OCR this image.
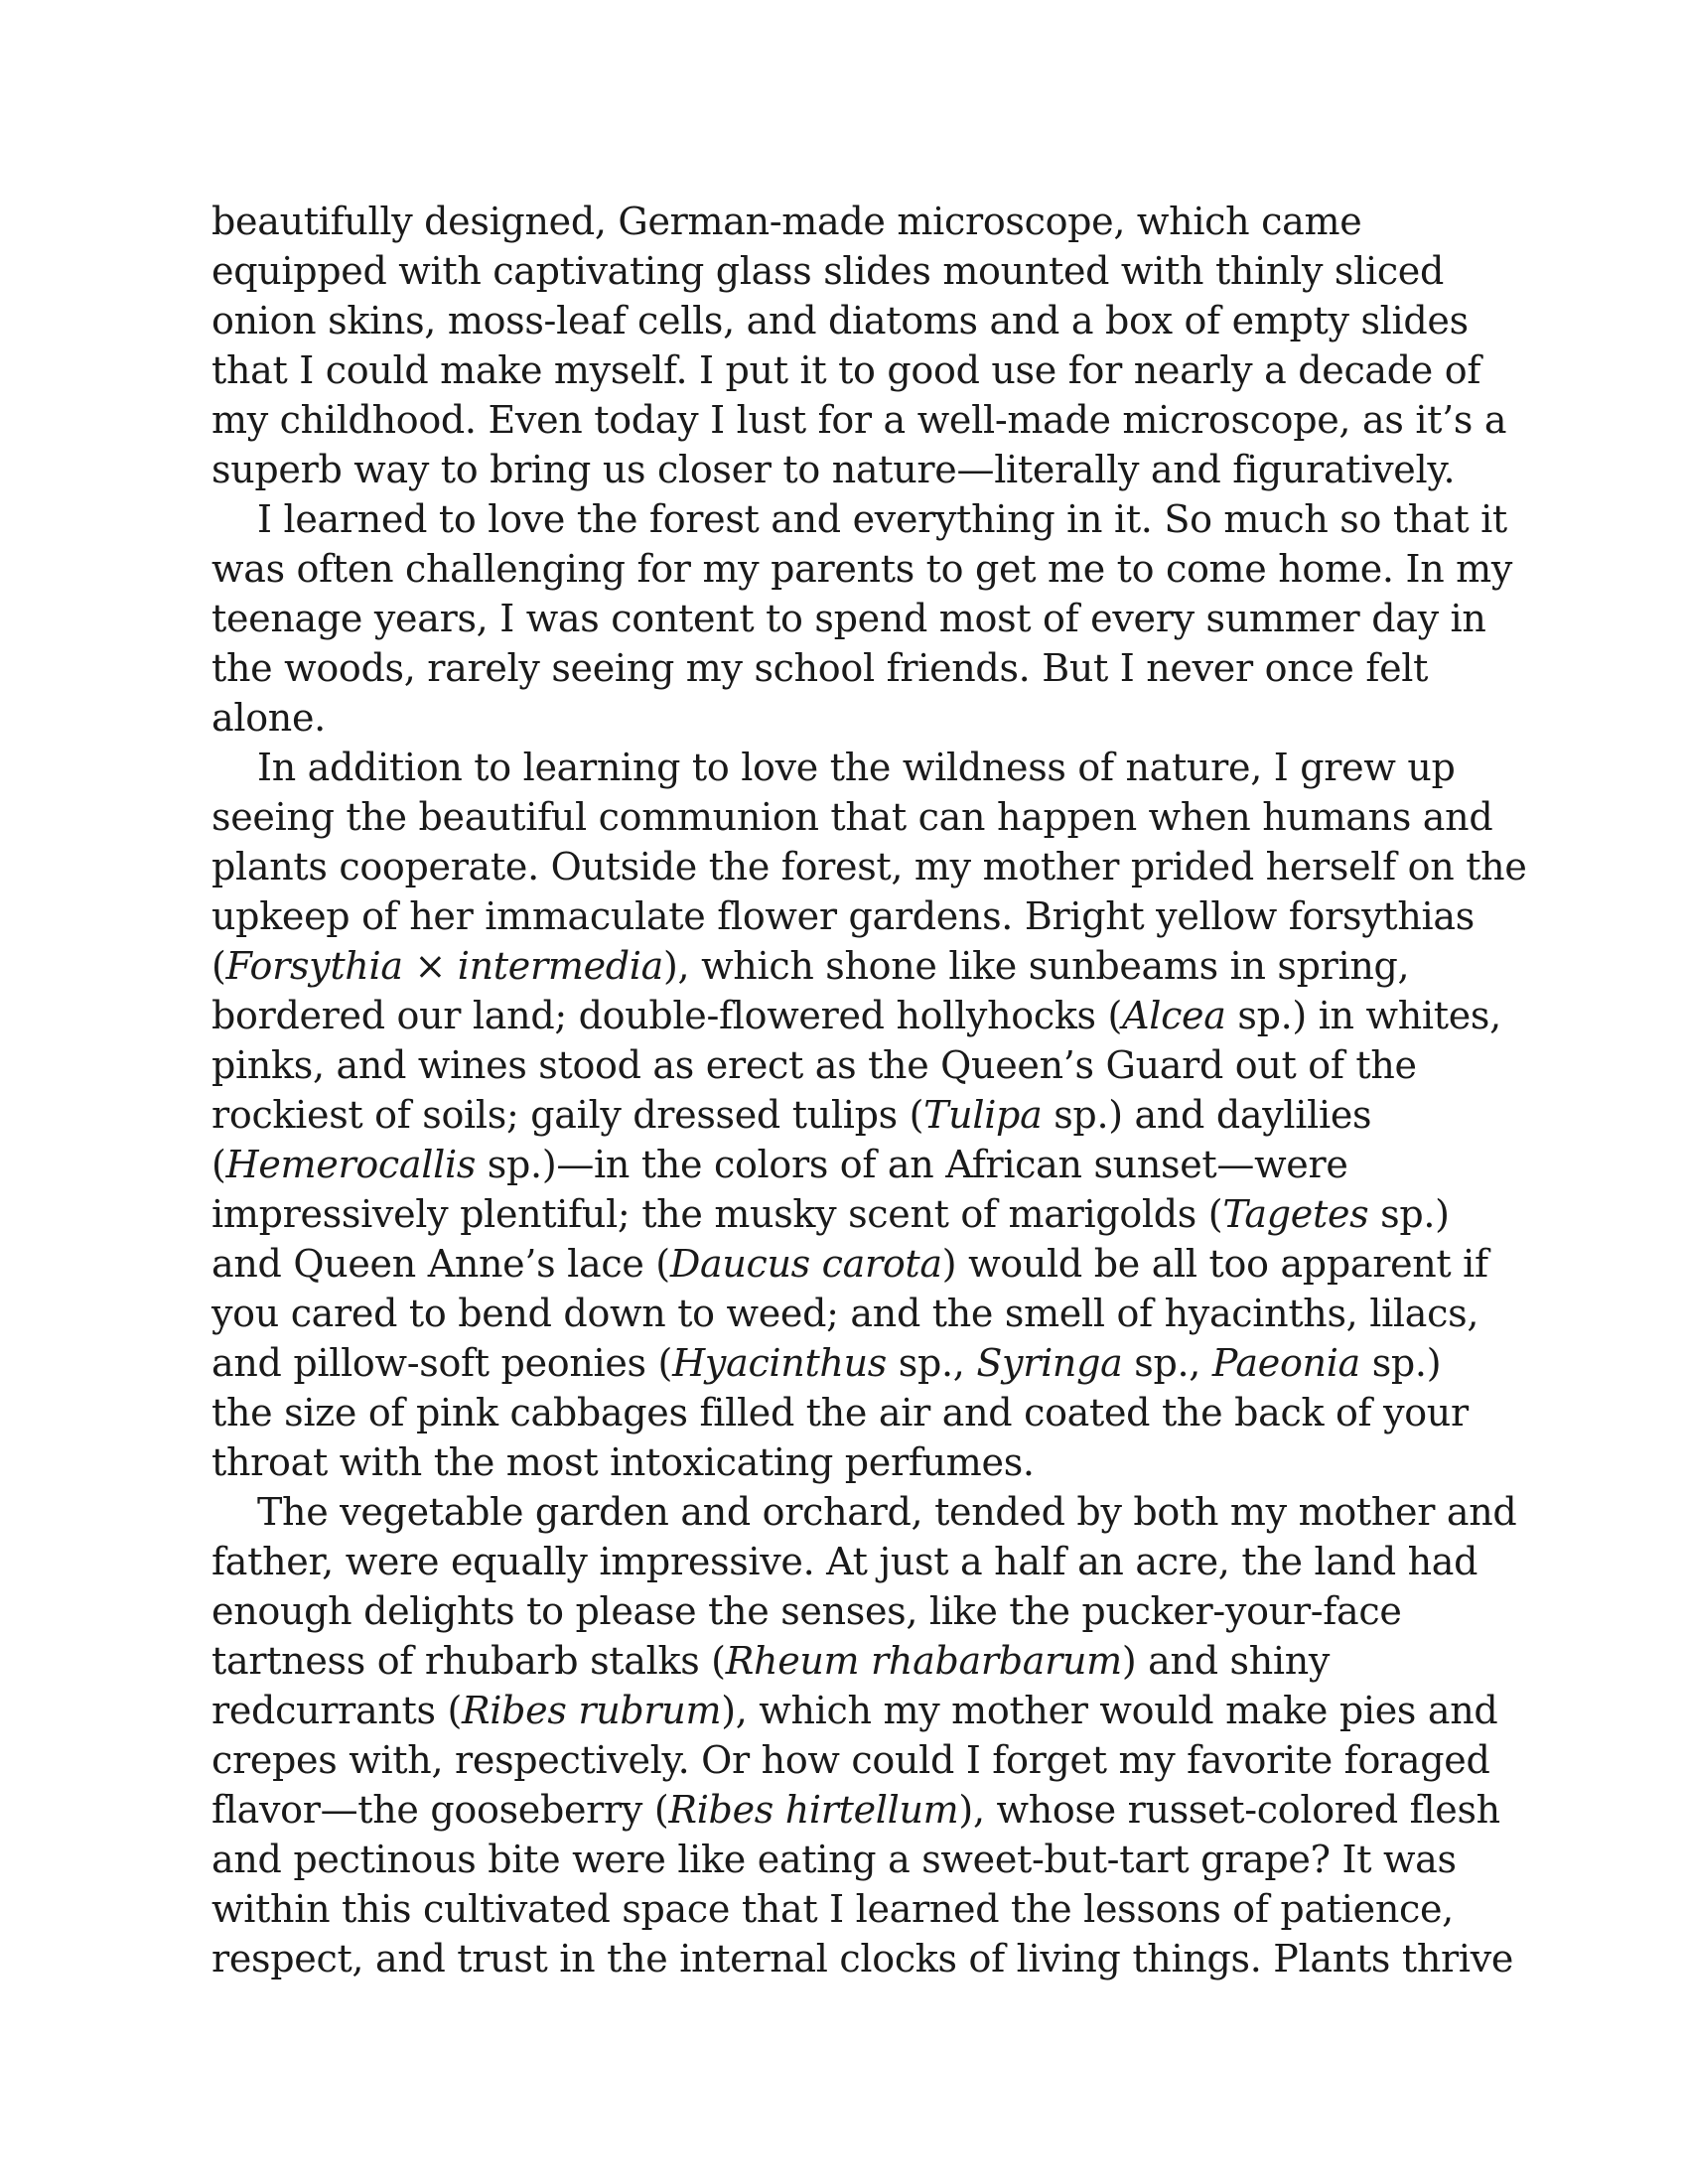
beautifully designed, German-made microscope, which came
equipped with captivating glass slides mounted with thinly sliced
onion skins, moss-leaf cells, and diatoms and a box of empty slides
that I could make myself. I put it to good use for nearly a decade of
my childhood. Even today I lust for a well-made microscope, as it’s a
superb way to bring us closer to nature—literally and figuratively.

I learned to love the forest and everything in it. So much so that it
was often challenging for my parents to get me to come home. In my
teenage years, I was content to spend most of every summer day in
the woods, rarely seeing my school friends. But I never once felt
alone.

In addition to learning to love the wildness of nature, I grew up
seeing the beautiful communion that can happen when humans and
plants cooperate. Outside the forest, my mother prided herself on the
upkeep of her immaculate flower gardens. Bright yellow forsythias
(Forsythia × intermedia), which shone like sunbeams in spring,
bordered our land; double-flowered hollyhocks (Alcea sp.) in whites,
pinks, and wines stood as erect as the Queen’s Guard out of the
rockiest of soils; gaily dressed tulips (Tulipa sp.) and daylilies
(Hemerocallis sp.)—in the colors of an African sunset—were
impressively plentiful; the musky scent of marigolds (Tagetes sp.)
and Queen Anne’s lace (Daucus carota) would be all too apparent if
you cared to bend down to weed; and the smell of hyacinths, lilacs,
and pillow-soft peonies (Hyacinthus sp., Syringa sp., Paeonia sp.)
the size of pink cabbages filled the air and coated the back of your
throat with the most intoxicating perfumes.

The vegetable garden and orchard, tended by both my mother and
father, were equally impressive. At just a half an acre, the land had
enough delights to please the senses, like the pucker-your-face
tartness of rhubarb stalks (Rheum rhabarbarum) and shiny
redcurrants (Ribes rubrum), which my mother would make pies and
crepes with, respectively. Or how could I forget my favorite foraged
flavor—the gooseberry (Ribes hirtellum), whose russet-colored flesh
and pectinous bite were like eating a sweet-but-tart grape? It was
within this cultivated space that I learned the lessons of patience,
respect, and trust in the internal clocks of living things. Plants thrive
